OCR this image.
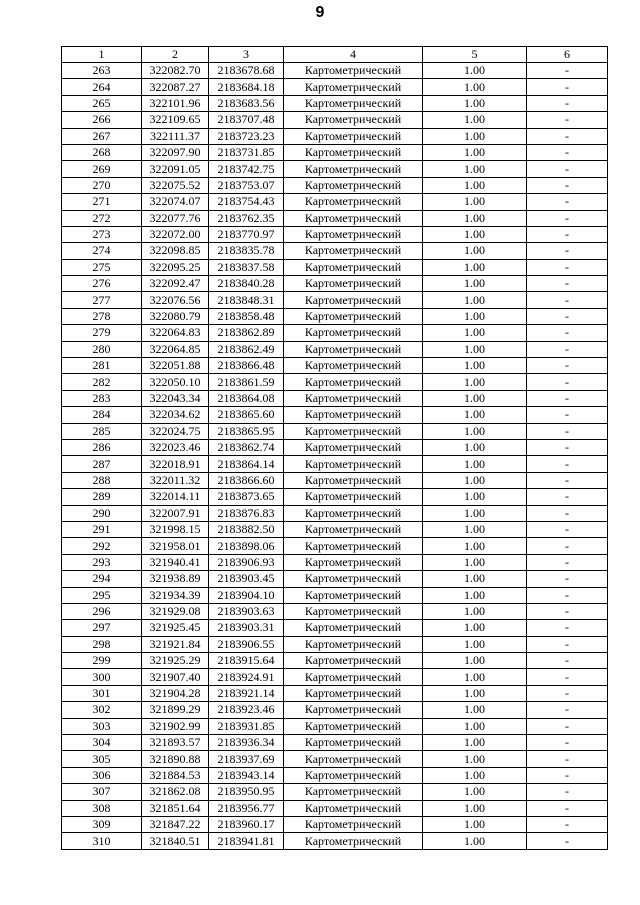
9
1	2	3	4	5	6
263	322082.70	2183678.68	Картометрический	1.00	-
264	322087.27	2183684.18	Картометрический	1.00	-
265	322101.96	2183683.56	Картометрический	1.00	-
266	322109.65	2183707.48	Картометрический	1.00	-
267	322111.37	2183723.23	Картометрический	1.00	-
268	322097.90	2183731.85	Картометрический	1.00	-
269	322091.05	2183742.75	Картометрический	1.00	-
270	322075.52	2183753.07	Картометрический	1.00	-
271	322074.07	2183754.43	Картометрический	1.00	-
272	322077.76	2183762.35	Картометрический	1.00	-
273	322072.00	2183770.97	Картометрический	1.00	-
274	322098.85	2183835.78	Картометрический	1.00	-
275	322095.25	2183837.58	Картометрический	1.00	-
276	322092.47	2183840.28	Картометрический	1.00	-
277	322076.56	2183848.31	Картометрический	1.00	-
278	322080.79	2183858.48	Картометрический	1.00	-
279	322064.83	2183862.89	Картометрический	1.00	-
280	322064.85	2183862.49	Картометрический	1.00	-
281	322051.88	2183866.48	Картометрический	1.00	-
282	322050.10	2183861.59	Картометрический	1.00	-
283	322043.34	2183864.08	Картометрический	1.00	-
284	322034.62	2183865.60	Картометрический	1.00	-
285	322024.75	2183865.95	Картометрический	1.00	-
286	322023.46	2183862.74	Картометрический	1.00	-
287	322018.91	2183864.14	Картометрический	1.00	-
288	322011.32	2183866.60	Картометрический	1.00	-
289	322014.11	2183873.65	Картометрический	1.00	-
290	322007.91	2183876.83	Картометрический	1.00	-
291	321998.15	2183882.50	Картометрический	1.00	-
292	321958.01	2183898.06	Картометрический	1.00	-
293	321940.41	2183906.93	Картометрический	1.00	-
294	321938.89	2183903.45	Картометрический	1.00	-
295	321934.39	2183904.10	Картометрический	1.00	-
296	321929.08	2183903.63	Картометрический	1.00	-
297	321925.45	2183903.31	Картометрический	1.00	-
298	321921.84	2183906.55	Картометрический	1.00	-
299	321925.29	2183915.64	Картометрический	1.00	-
300	321907.40	2183924.91	Картометрический	1.00	-
301	321904.28	2183921.14	Картометрический	1.00	-
302	321899.29	2183923.46	Картометрический	1.00	-
303	321902.99	2183931.85	Картометрический	1.00	-
304	321893.57	2183936.34	Картометрический	1.00	-
305	321890.88	2183937.69	Картометрический	1.00	-
306	321884.53	2183943.14	Картометрический	1.00	-
307	321862.08	2183950.95	Картометрический	1.00	-
308	321851.64	2183956.77	Картометрический	1.00	-
309	321847.22	2183960.17	Картометрический	1.00	-
310	321840.51	2183941.81	Картометрический	1.00	-
